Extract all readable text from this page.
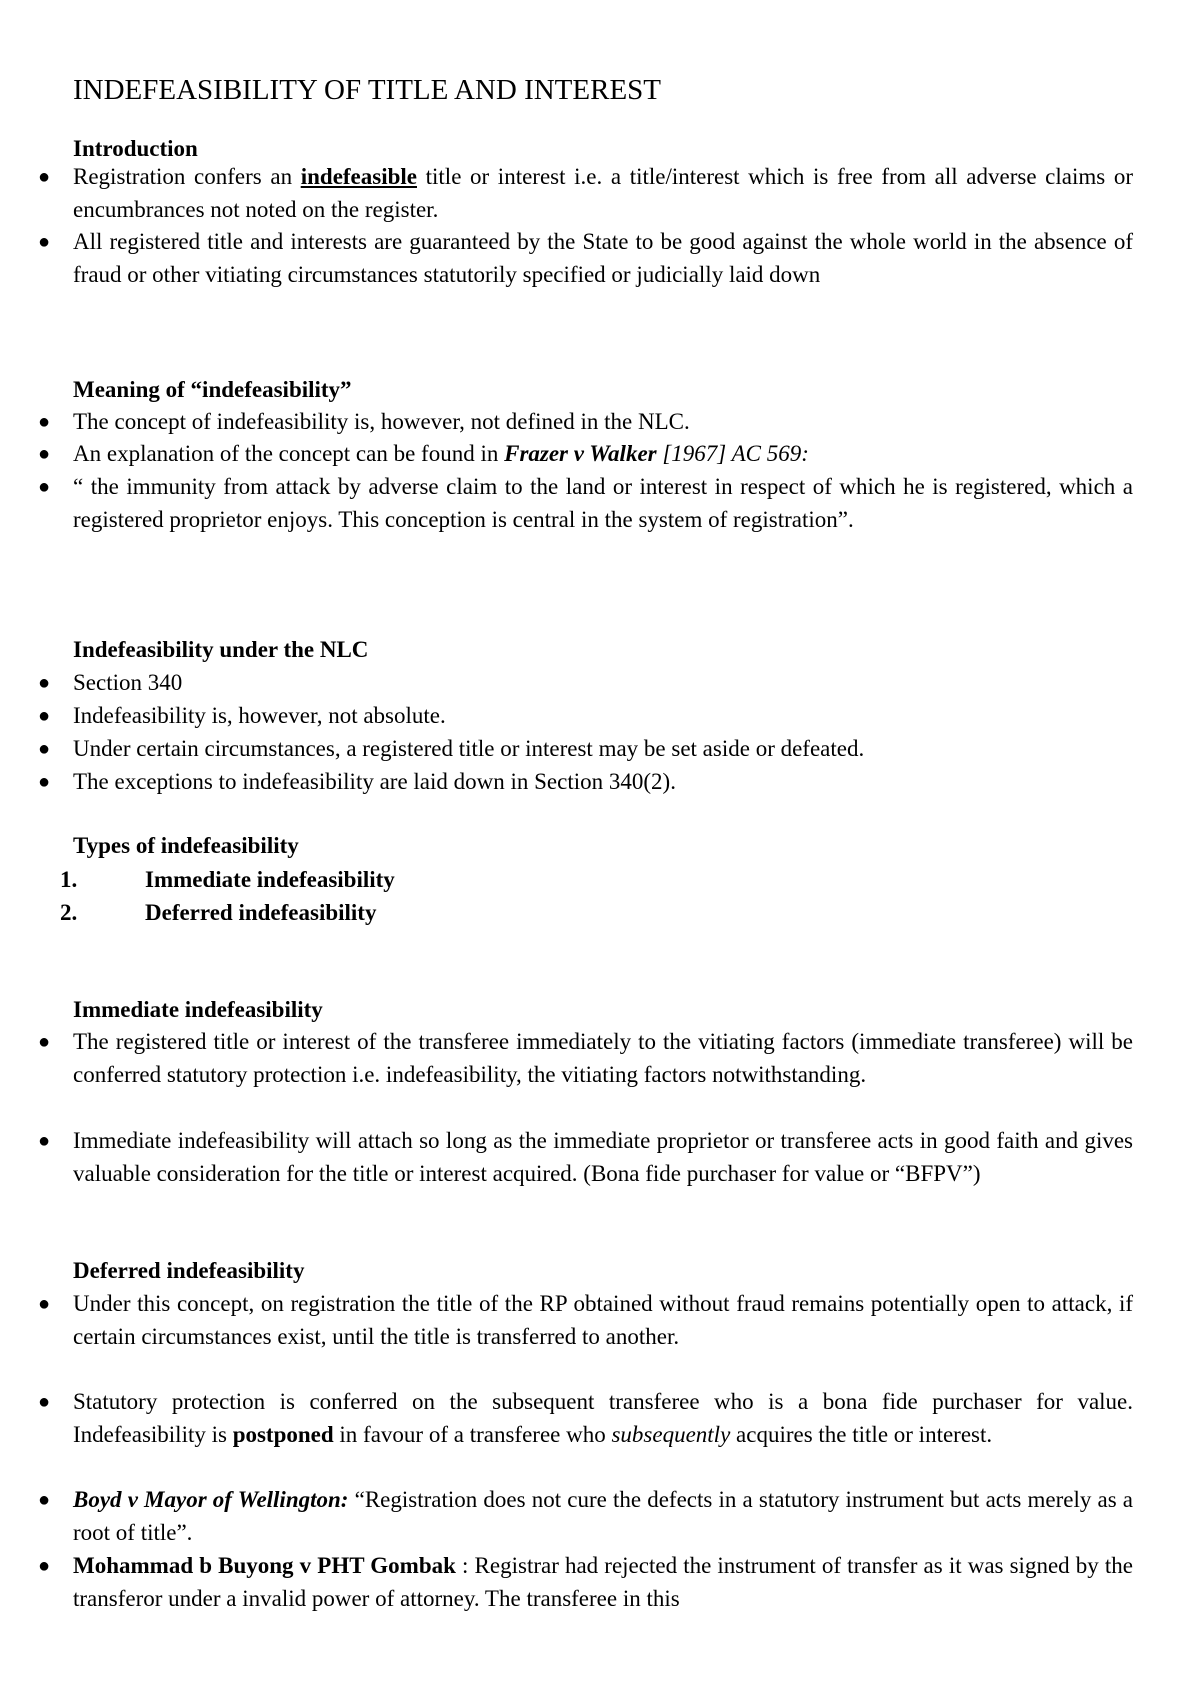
INDEFEASIBILITY OF TITLE AND INTEREST
Introduction
● Registration confers an indefeasible title or interest i.e. a title/interest which is free from all adverse claims or encumbrances not noted on the register.
● All registered title and interests are guaranteed by the State to be good against the whole world in the absence of fraud or other vitiating circumstances statutorily specified or judicially laid down
Meaning of “indefeasibility”
● The concept of indefeasibility is, however, not defined in the NLC.
● An explanation of the concept can be found in Frazer v Walker [1967] AC 569:
● “ the immunity from attack by adverse claim to the land or interest in respect of which he is registered, which a registered proprietor enjoys. This conception is central in the system of registration”.
Indefeasibility under the NLC
● Section 340
● Indefeasibility is, however, not absolute.
● Under certain circumstances, a registered title or interest may be set aside or defeated.
● The exceptions to indefeasibility are laid down in Section 340(2).
Types of indefeasibility
1.	Immediate indefeasibility
2.	Deferred indefeasibility
Immediate indefeasibility
● The registered title or interest of the transferee immediately to the vitiating factors (immediate transferee) will be conferred statutory protection i.e. indefeasibility, the vitiating factors notwithstanding.
● Immediate indefeasibility will attach so long as the immediate proprietor or transferee acts in good faith and gives valuable consideration for the title or interest acquired. (Bona fide purchaser for value or “BFPV”)
Deferred indefeasibility
● Under this concept, on registration the title of the RP obtained without fraud remains potentially open to attack, if certain circumstances exist, until the title is transferred to another.
● Statutory protection is conferred on the subsequent transferee who is a bona fide purchaser for value. Indefeasibility is postponed in favour of a transferee who subsequently acquires the title or interest.
● Boyd v Mayor of Wellington: “Registration does not cure the defects in a statutory instrument but acts merely as a root of title”.
● Mohammad b Buyong v PHT Gombak : Registrar had rejected the instrument of transfer as it was signed by the transferor under a invalid power of attorney. The transferee in this
